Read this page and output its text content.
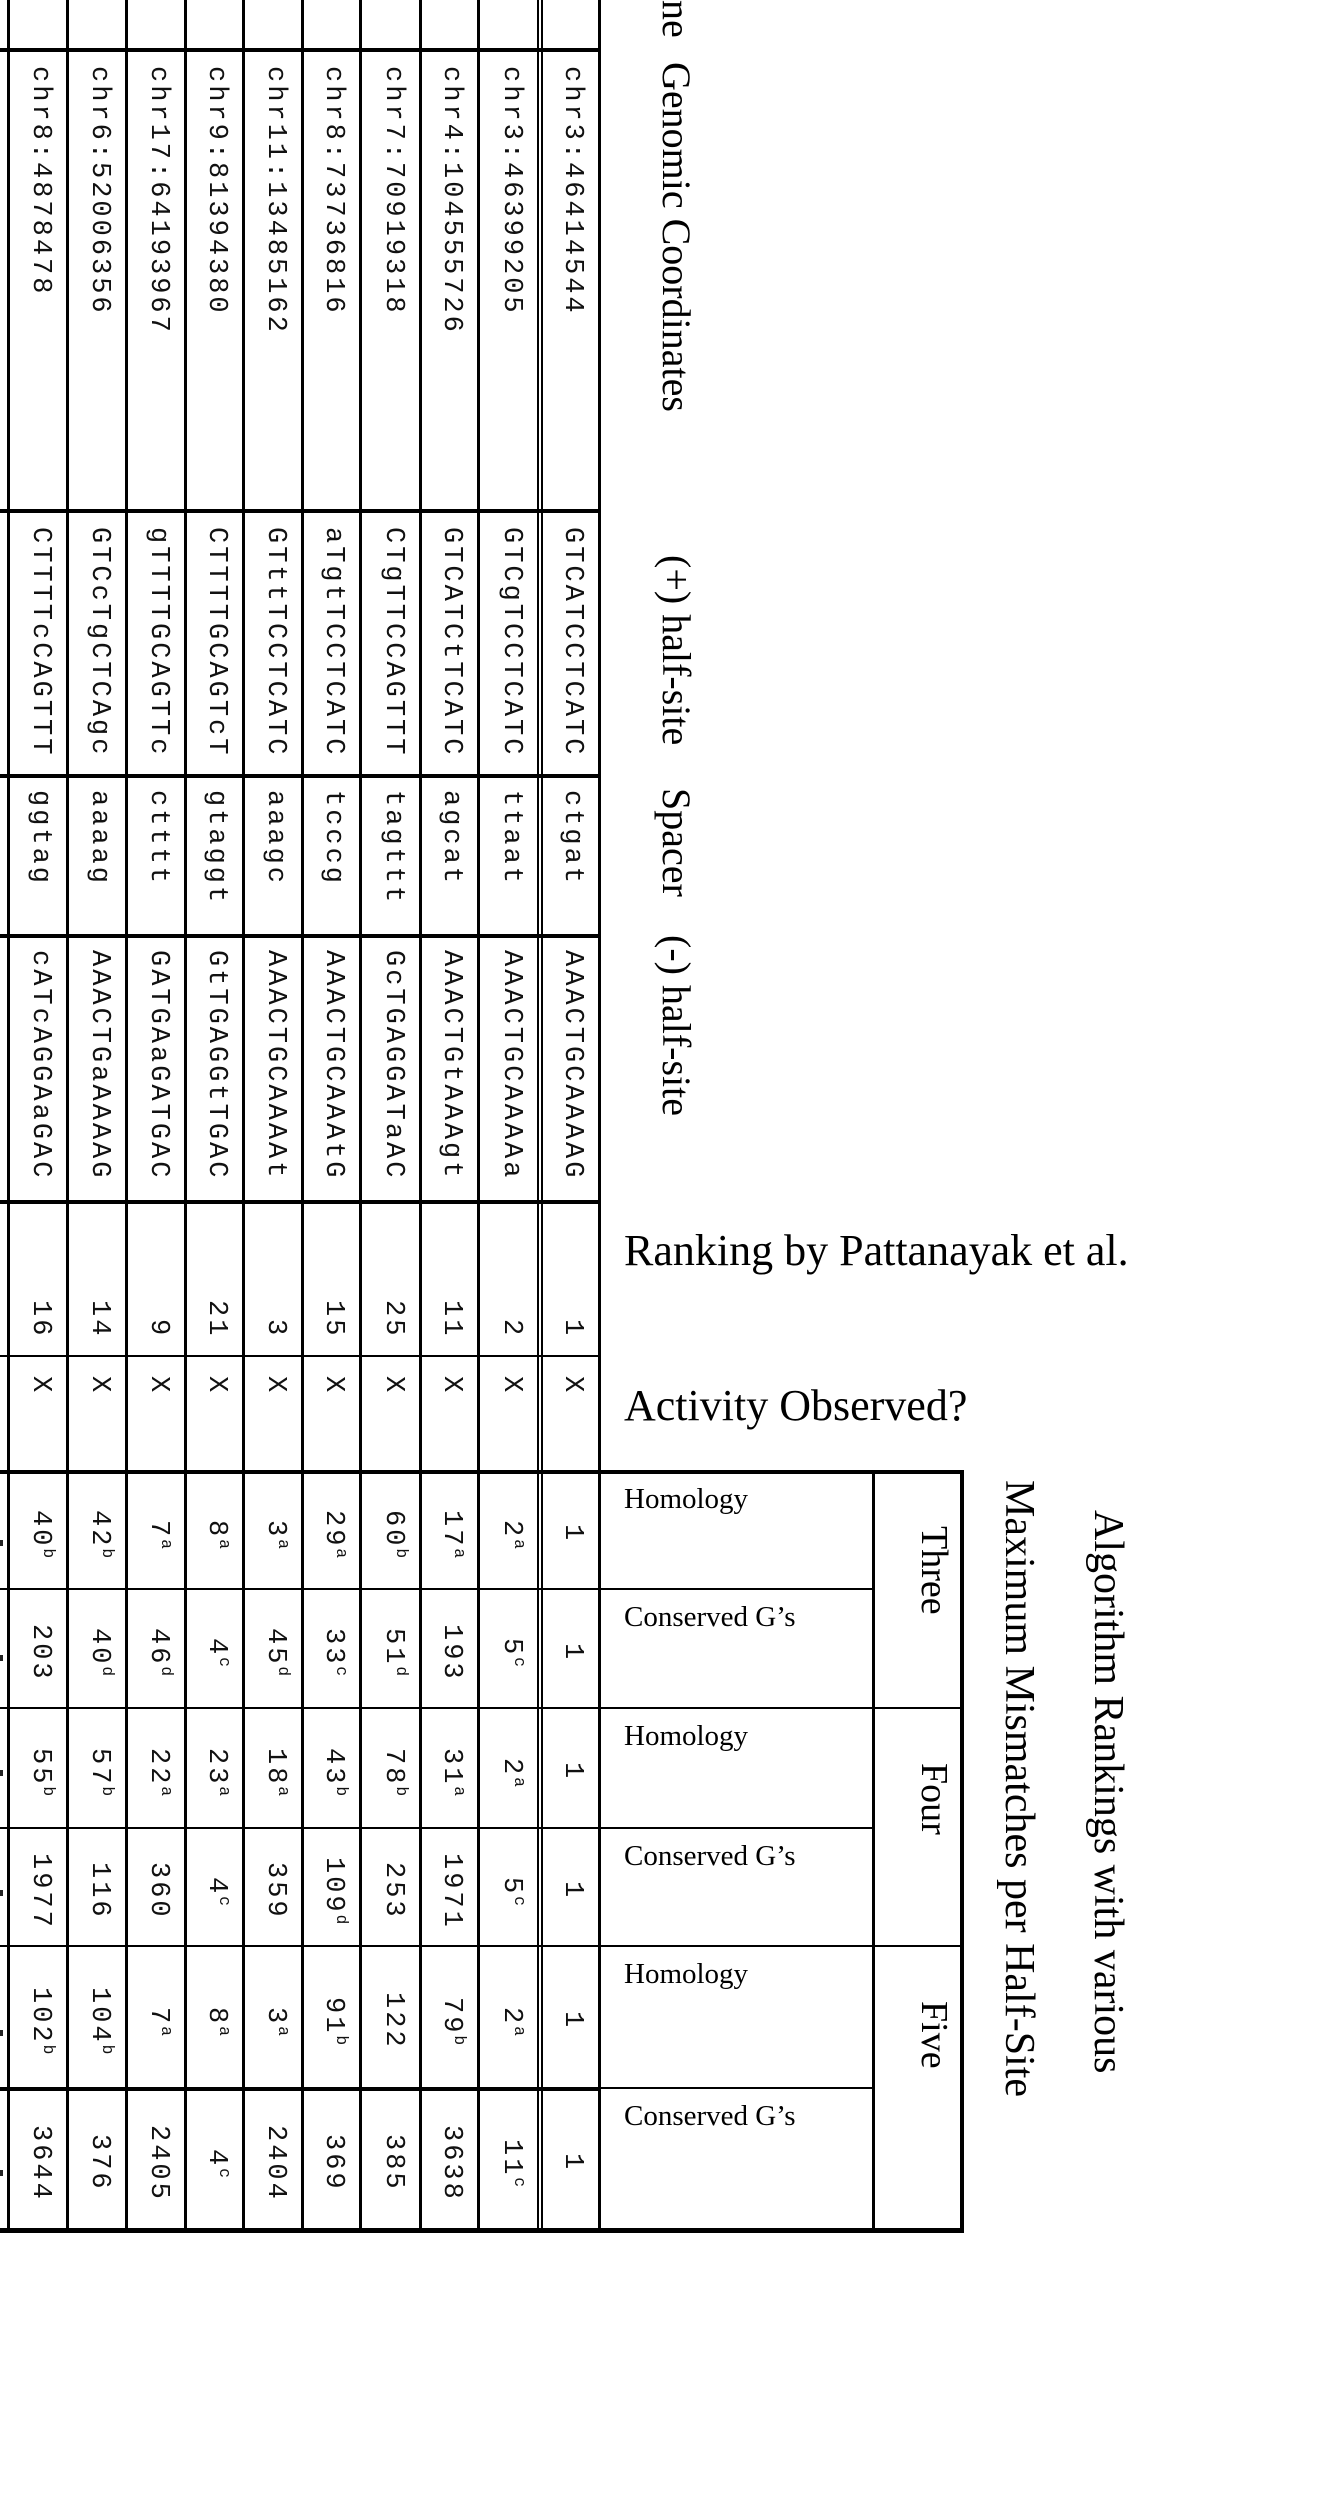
ne
Genomic Coordinates
(+) half-site
Spacer
(-) half-site
Ranking by Pattanayak et al.
Activity Observed?
Homology
Conserved G’s
Three
Homology
Conserved G’s
Four
Homology
Conserved G’s
Five	Algorithm Rankings with various
Maximum Mismatches per Half-Site
chr3:46414544
GTCATCCTCATC
ctgat
AAACTGCAAAAG
1
X
1
1
1
1
1
1
chr3:46399205
GTCgTCCTCATC
ttaat
AAACTGCAAAAa
2
X
2$^a$
5$^c$
2$^a$
5$^c$
2$^a$
11$^c$
chr4:104555726
GTCATCtTCATC
agcat
AAACTGtAAAgt
11
X
17$^a$
193
31$^a$
1971
79$^b$
3638
chr7:70919318
CTgTTCCAGTTT
tagttt
GcTGAGGATaAC
25
X
60$^b$
51$^d$
78$^b$
253
122
385
chr8:73736816
aTgtTCCTCATC
tcccg
AAACTGCAAAtG
15
X
29$^a$
33$^c$
43$^b$
109$^d$
91$^b$
369
chr11:13485162
GTttTCCTCATC
aaagc
AAACTGCAAAAt
3
X
3$^a$
45$^d$
18$^a$
359
3$^a$
2404
chr9:81394380
CTTTTGCAGTcT
gtaggt
GtTGAGGtTGAC
21
X
8$^a$
4$^c$
23$^a$
4$^c$
8$^a$
4$^c$
chr17:64193967
gTTTTGCAGTTc
ctttt
GATGAaGATGAC
9
X
7$^a$
46$^d$
22$^a$
360
7$^a$
2405
chr6:52006356
GTCcTgCTCAgc
aaaag
AAACTGaAAAAG
14
X
42$^b$
40$^d$
57$^b$
116
104$^b$
376
chr8:4878478
CTTTTcCAGTTT
ggtag
cATcAGGAaGAC
16
X
40$^b$
203
55$^b$
1977
102$^b$
3644
